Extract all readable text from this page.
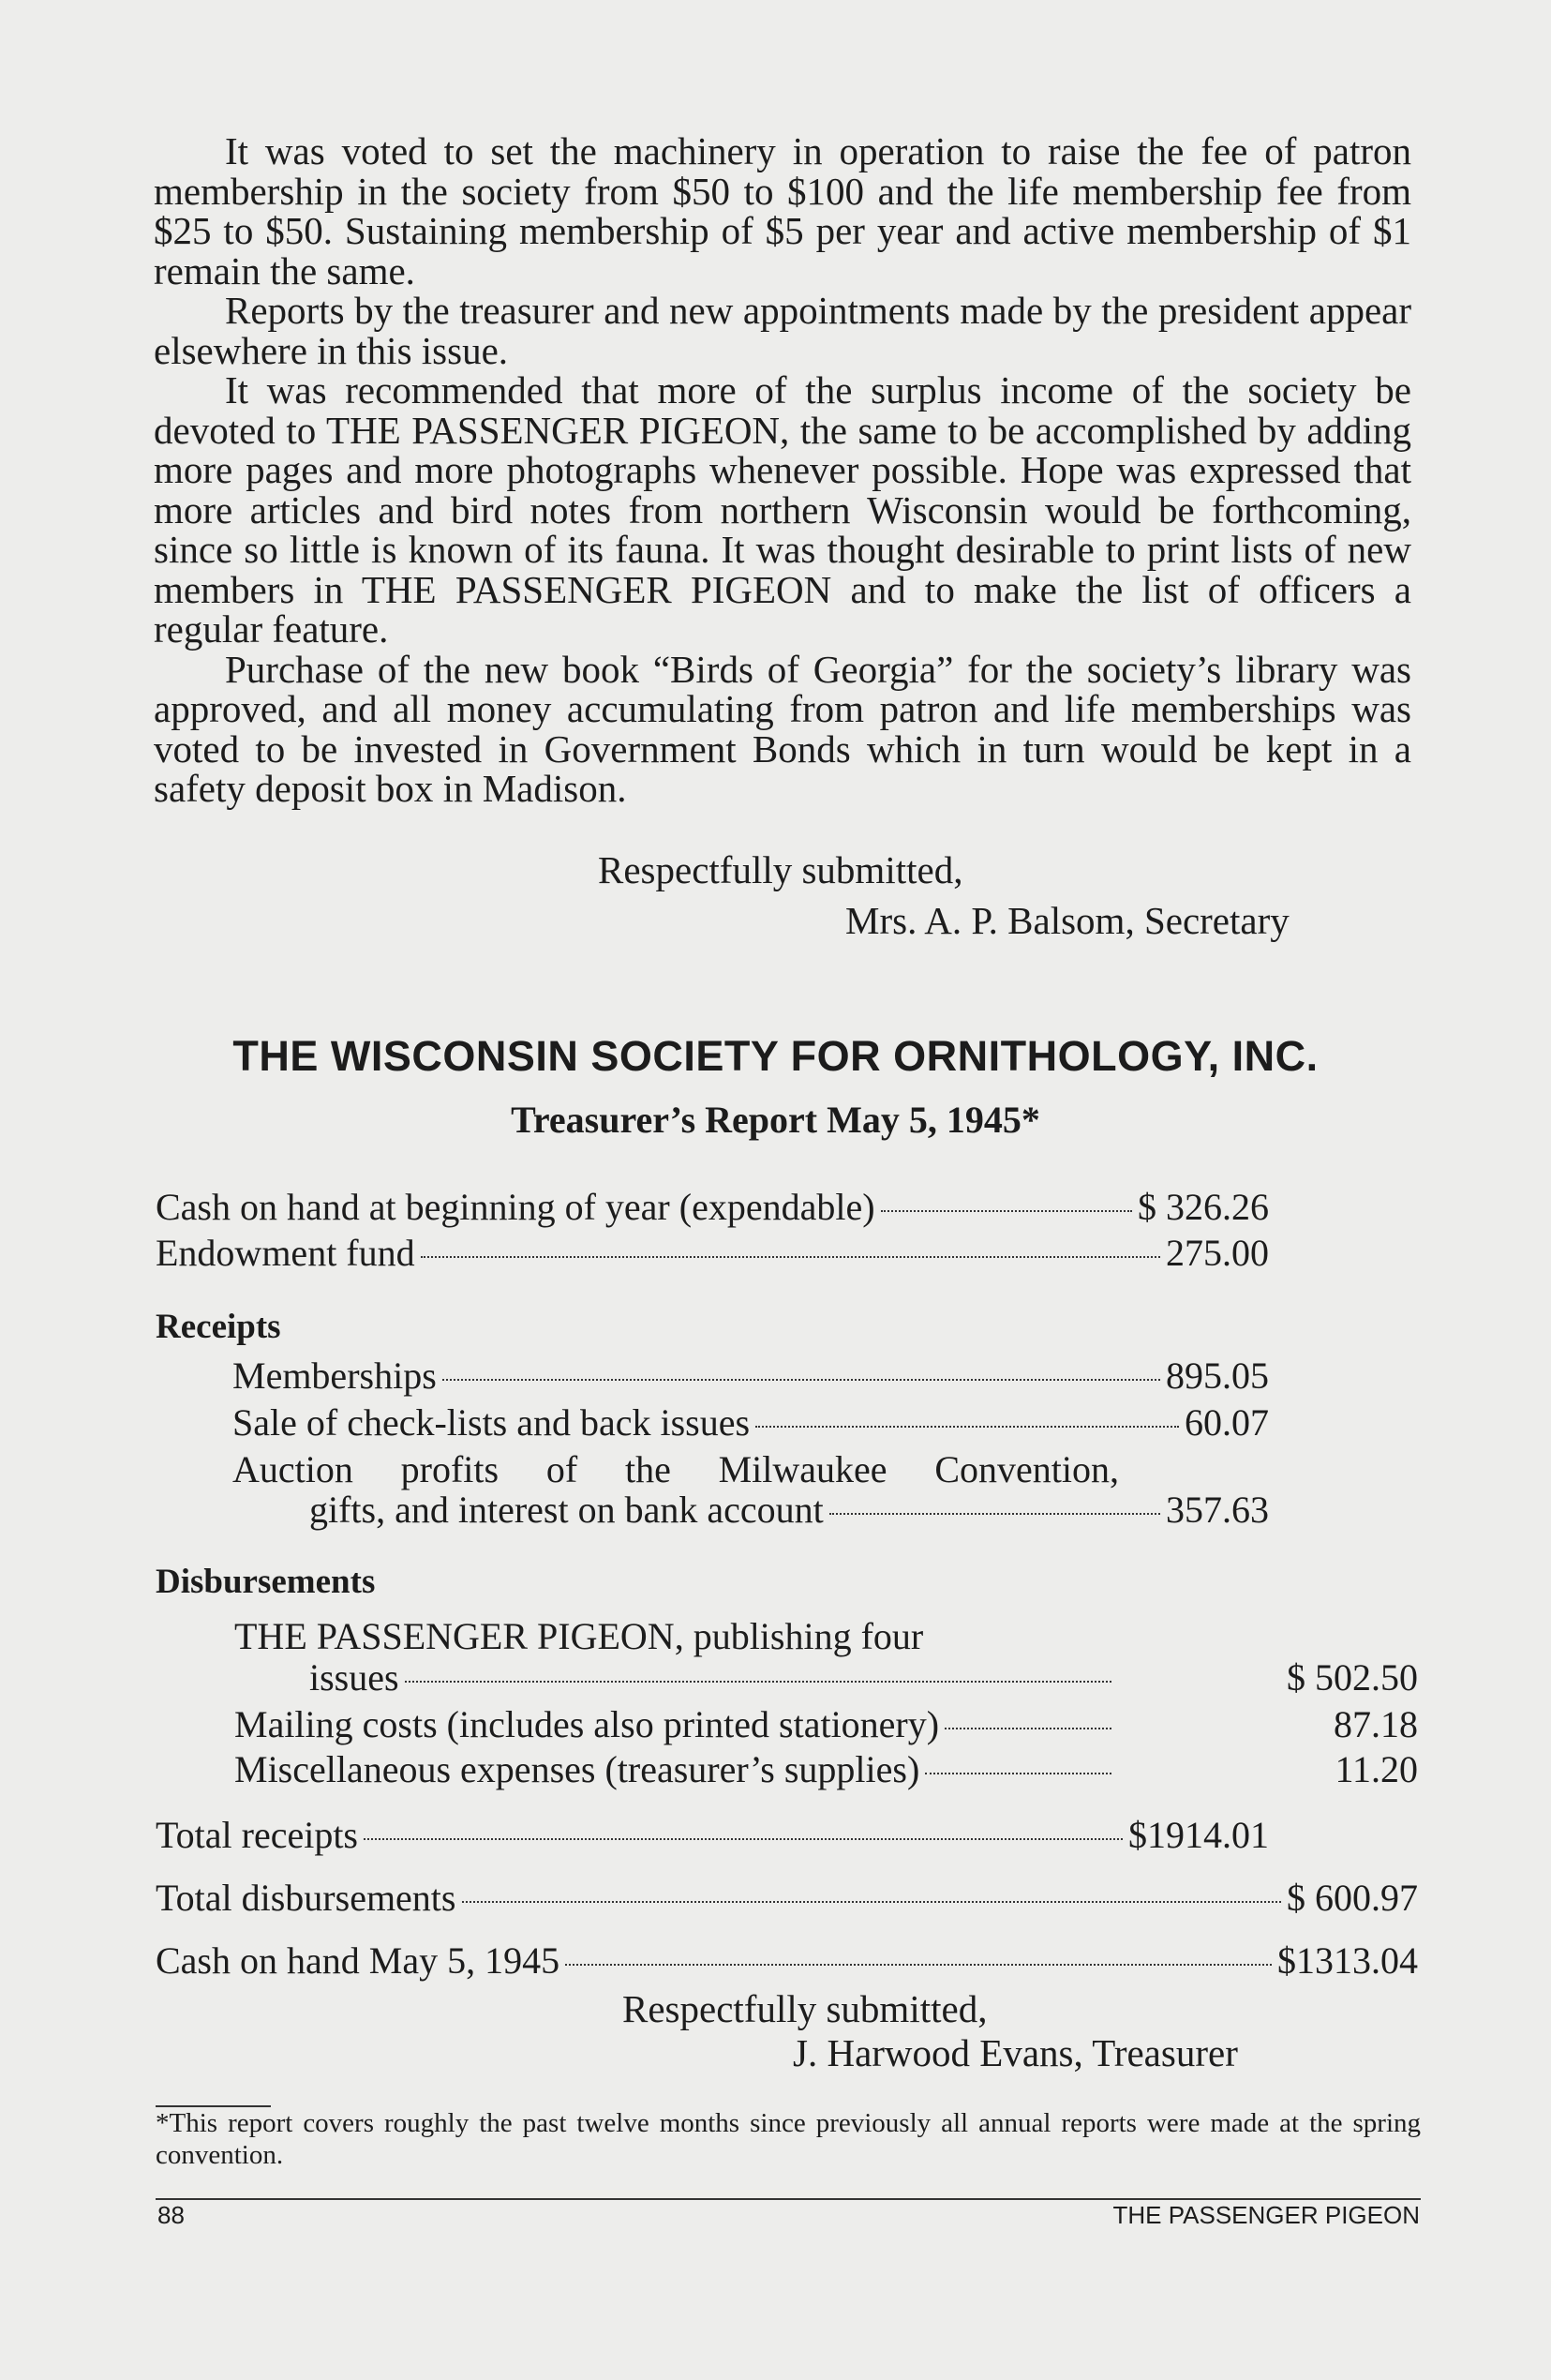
It was voted to set the machinery in operation to raise the fee of patron membership in the society from $50 to $100 and the life membership fee from $25 to $50. Sustaining membership of $5 per year and active membership of $1 remain the same.

Reports by the treasurer and new appointments made by the president appear elsewhere in this issue.

It was recommended that more of the surplus income of the society be devoted to THE PASSENGER PIGEON, the same to be accomplished by adding more pages and more photographs whenever possible. Hope was expressed that more articles and bird notes from northern Wisconsin would be forthcoming, since so little is known of its fauna. It was thought desirable to print lists of new members in THE PASSENGER PIGEON and to make the list of officers a regular feature.

Purchase of the new book “Birds of Georgia” for the society’s library was approved, and all money accumulating from patron and life memberships was voted to be invested in Government Bonds which in turn would be kept in a safety deposit box in Madison.

Respectfully submitted,
Mrs. A. P. Balsom, Secretary
THE WISCONSIN SOCIETY FOR ORNITHOLOGY, INC.
Treasurer’s Report May 5, 1945*
Cash on hand at beginning of year (expendable)	$ 326.26
Endowment fund	275.00
Receipts
Memberships	895.05
Sale of check-lists and back issues	60.07
Auction profits of the Milwaukee Convention,
gifts, and interest on bank account	357.63
Disbursements
THE PASSENGER PIGEON, publishing four
issues	$ 502.50
Mailing costs (includes also printed stationery)	87.18
Miscellaneous expenses (treasurer’s supplies)	11.20
Total receipts	$1914.01
Total disbursements	$ 600.97
Cash on hand May 5, 1945	$1313.04
Respectfully submitted,
J. Harwood Evans, Treasurer
*This report covers roughly the past twelve months since previously all annual reports were made at the spring convention.
88	THE PASSENGER PIGEON
